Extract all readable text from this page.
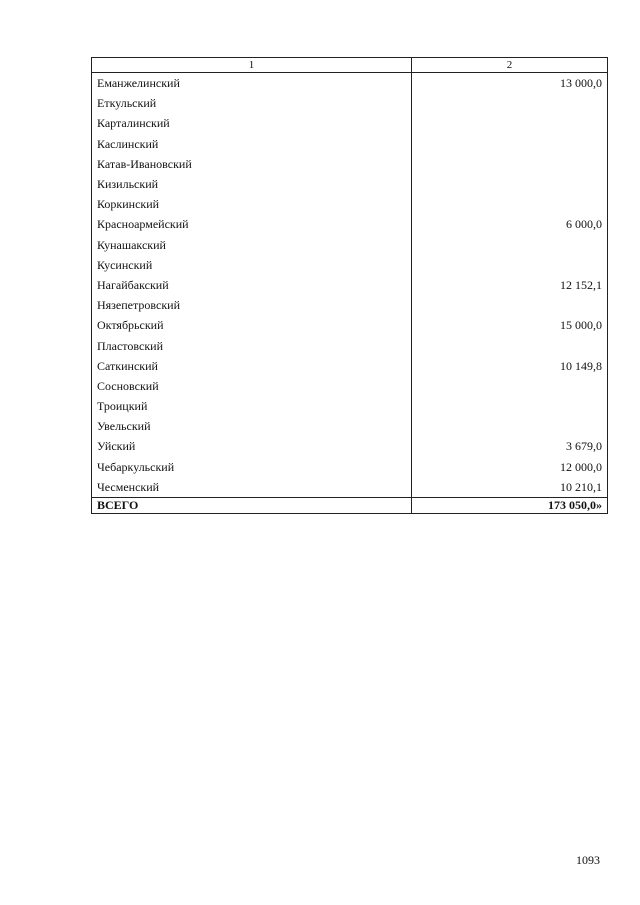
1	2
Еманжелинский	13 000,0
Еткульский	
Карталинский	
Каслинский	
Катав-Ивановский	
Кизильский	
Коркинский	
Красноармейский	6 000,0
Кунашакский	
Кусинский	
Нагайбакский	12 152,1
Нязепетровский	
Октябрьский	15 000,0
Пластовский	
Саткинский	10 149,8
Сосновский	
Троицкий	
Увельский	
Уйский	3 679,0
Чебаркульский	12 000,0
Чесменский	10 210,1
ВСЕГО	173 050,0»
1093
